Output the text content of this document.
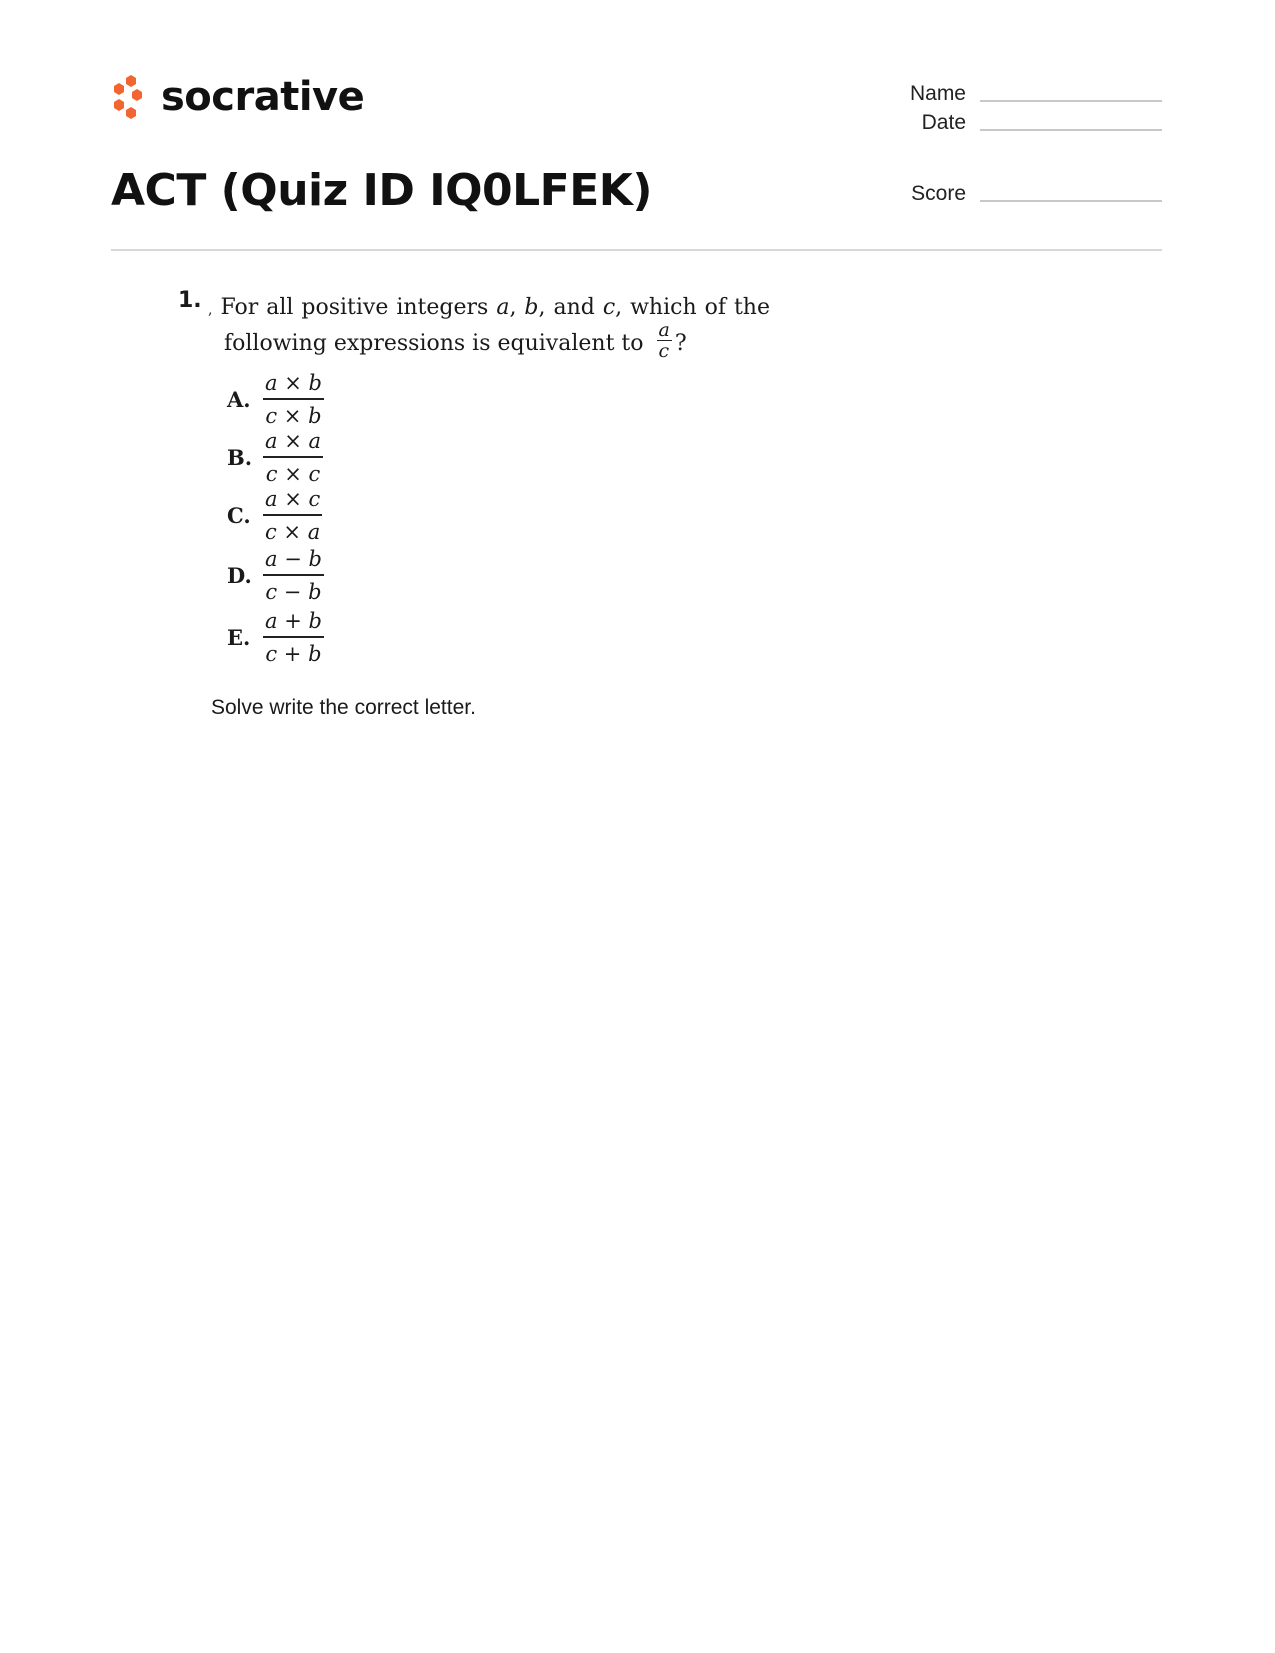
socrative	Name
Date
Score
ACT (Quiz ID IQ0LFEK)
1. , For all positive integers a, b, and c, which of the following expressions is equivalent to $\frac{a}{c}$ ?
A. $\frac{a \times b}{c \times b}$
B. $\frac{a \times a}{c \times c}$
C. $\frac{a \times c}{c \times a}$
D. $\frac{a - b}{c - b}$
E. $\frac{a + b}{c + b}$
Solve write the correct letter.
